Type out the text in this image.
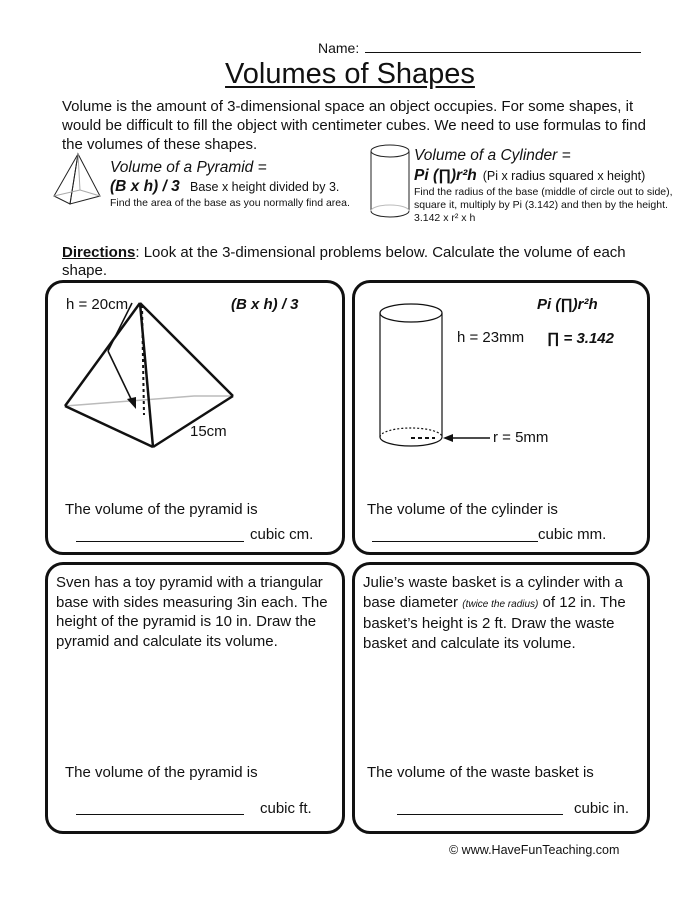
Name:
Volumes of Shapes
Volume is the amount of 3-dimensional space an object occupies. For some shapes, it would be difficult to fill the object with centimeter cubes. We need to use formulas to find the volumes of these shapes.
Volume of a Pyramid =
(B x h) / 3 Base x height divided by 3.
Find the area of the base as you normally find area.
Volume of a Cylinder =
Pi (∏)r²h (Pi x radius squared x height)
Find the radius of the base (middle of circle out to side), square it, multiply by Pi (3.142) and then by the height. 3.142 x r² x h
Directions: Look at the 3-dimensional problems below. Calculate the volume of each shape.
h = 20cm	(B x h) / 3
15cm
The volume of the pyramid is
cubic cm.
Pi (∏)r²h
h = 23mm ∏ = 3.142
r = 5mm
The volume of the cylinder is
cubic mm.
Sven has a toy pyramid with a triangular base with sides measuring 3in each. The height of the pyramid is 10 in. Draw the pyramid and calculate its volume.
The volume of the pyramid is
cubic ft.
Julie’s waste basket is a cylinder with a base diameter (twice the radius) of 12 in. The basket’s height is 2 ft. Draw the waste basket and calculate its volume.
The volume of the waste basket is
cubic in.
© www.HaveFunTeaching.com
